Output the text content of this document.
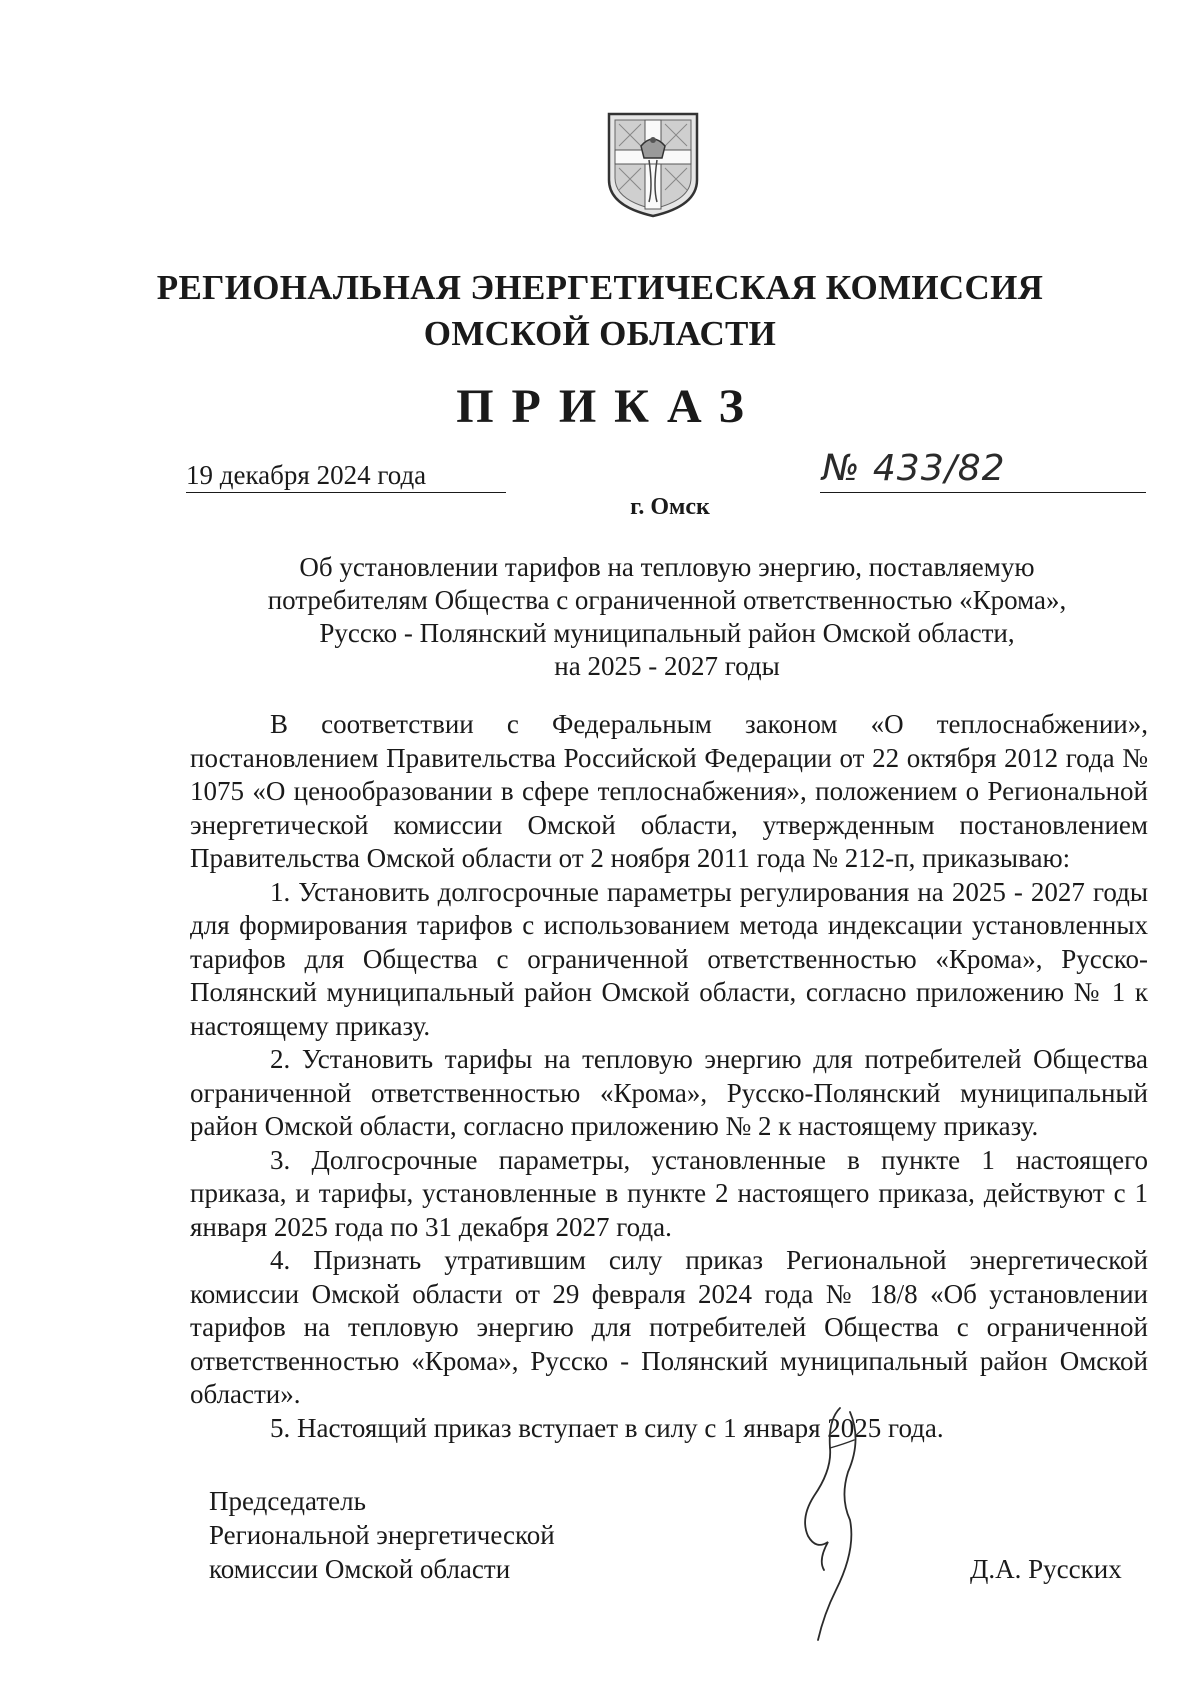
РЕГИОНАЛЬНАЯ ЭНЕРГЕТИЧЕСКАЯ КОМИССИЯ
ОМСКОЙ ОБЛАСТИ
ПРИКАЗ
19 декабря 2024 года	№ 433/82
г. Омск
Об установлении тарифов на тепловую энергию, поставляемую
потребителям Общества с ограниченной ответственностью «Крома»,
Русско - Полянский муниципальный район Омской области,
на 2025 - 2027 годы

В соответствии с Федеральным законом «О теплоснабжении», постановлением Правительства Российской Федерации от 22 октября 2012 года № 1075 «О ценообразовании в сфере теплоснабжения», положением о Региональной энергетической комиссии Омской области, утвержденным постановлением Правительства Омской области от 2 ноября 2011 года № 212-п, приказываю:

1. Установить долгосрочные параметры регулирования на 2025 - 2027 годы для формирования тарифов с использованием метода индексации установленных тарифов для Общества с ограниченной ответственностью «Крома», Русско-Полянский муниципальный район Омской области, согласно приложению № 1 к настоящему приказу.

2. Установить тарифы на тепловую энергию для потребителей Общества ограниченной ответственностью «Крома», Русско-Полянский муниципальный район Омской области, согласно приложению № 2 к настоящему приказу.

3. Долгосрочные параметры, установленные в пункте 1 настоящего приказа, и тарифы, установленные в пункте 2 настоящего приказа, действуют с 1 января 2025 года по 31 декабря 2027 года.

4. Признать утратившим силу приказ Региональной энергетической комиссии Омской области от 29 февраля 2024 года № 18/8 «Об установлении тарифов на тепловую энергию для потребителей Общества с ограниченной ответственностью «Крома», Русско - Полянский муниципальный район Омской области».

5. Настоящий приказ вступает в силу с 1 января 2025 года.

Председатель
Региональной энергетической
комиссии Омской области	Д.А. Русских
